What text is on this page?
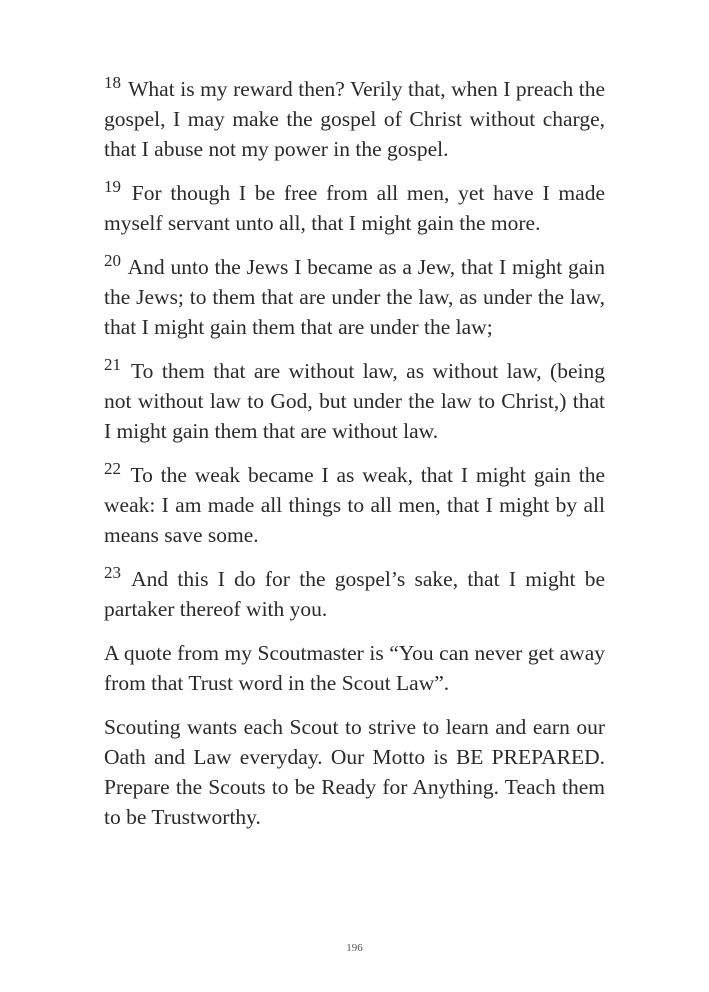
$^{18}$ What is my reward then? Verily that, when I preach the gospel, I may make the gospel of Christ without charge, that I abuse not my power in the gospel.

$^{19}$ For though I be free from all men, yet have I made myself servant unto all, that I might gain the more.

$^{20}$ And unto the Jews I became as a Jew, that I might gain the Jews; to them that are under the law, as under the law, that I might gain them that are under the law;

$^{21}$ To them that are without law, as without law, (being not without law to God, but under the law to Christ,) that I might gain them that are without law.

$^{22}$ To the weak became I as weak, that I might gain the weak: I am made all things to all men, that I might by all means save some.

$^{23}$ And this I do for the gospel’s sake, that I might be partaker thereof with you.

A quote from my Scoutmaster is “You can never get away from that Trust word in the Scout Law”.

Scouting wants each Scout to strive to learn and earn our Oath and Law everyday. Our Motto is BE PREPARED. Prepare the Scouts to be Ready for Anything. Teach them to be Trustworthy.

196
